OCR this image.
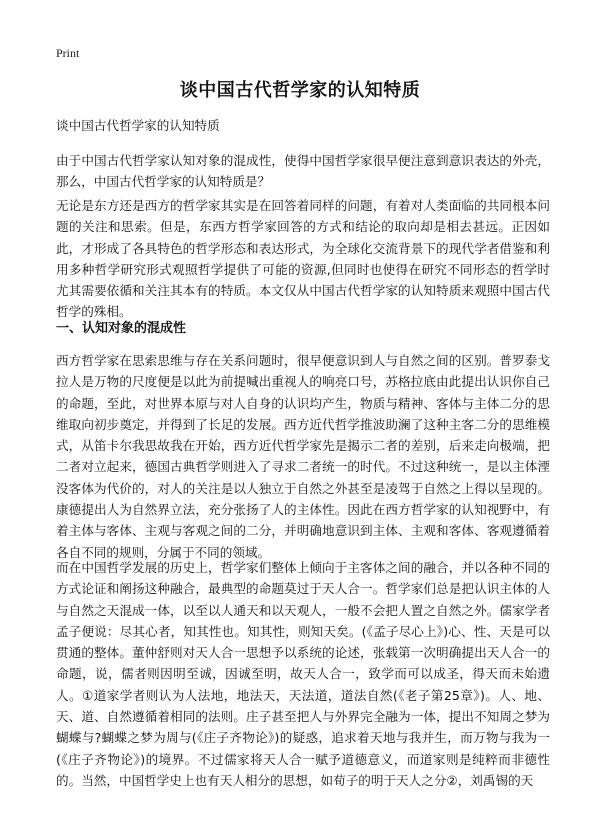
Print
谈中国古代哲学家的认知特质

谈中国古代哲学家的认知特质

由于中国古代哲学家认知对象的混成性，使得中国哲学家很早便注意到意识表达的外壳，那么，中国古代哲学家的认知特质是？

无论是东方还是西方的哲学家其实是在回答着同样的问题，有着对人类面临的共同根本问题的关注和思索。但是，东西方哲学家回答的方式和结论的取向却是相去甚远。正因如此，才形成了各具特色的哲学形态和表达形式，为全球化交流背景下的现代学者借鉴和利用多种哲学研究形式观照哲学提供了可能的资源,但同时也使得在研究不同形态的哲学时尤其需要依循和关注其本有的特质。本文仅从中国古代哲学家的认知特质来观照中国古代哲学的殊相。

一、认知对象的混成性

西方哲学家在思索思维与存在关系问题时，很早便意识到人与自然之间的区别。普罗泰戈拉人是万物的尺度便是以此为前提喊出重视人的响亮口号，苏格拉底由此提出认识你自己的命题，至此，对世界本原与对人自身的认识均产生，物质与精神、客体与主体二分的思维取向初步奠定，并得到了长足的发展。西方近代哲学推波助澜了这种主客二分的思维模式，从笛卡尔我思故我在开始，西方近代哲学家先是揭示二者的差别，后来走向极端，把二者对立起来，德国古典哲学则进入了寻求二者统一的时代。不过这种统一，是以主体湮没客体为代价的，对人的关注是以人独立于自然之外甚至是凌驾于自然之上得以呈现的。康德提出人为自然界立法，充分张扬了人的主体性。因此在西方哲学家的认知视野中，有着主体与客体、主观与客观之间的二分，并明确地意识到主体、主观和客体、客观遵循着各自不同的规则，分属于不同的领域。

而在中国哲学发展的历史上，哲学家们整体上倾向于主客体之间的融合，并以各种不同的方式论证和阐扬这种融合，最典型的命题莫过于天人合一。哲学家们总是把认识主体的人与自然之天混成一体，以至以人通天和以天观人，一般不会把人置之自然之外。儒家学者孟子便说：尽其心者，知其性也。知其性，则知天矣。(《孟子尽心上》)心、性、天是可以贯通的整体。董仲舒则对天人合一思想予以系统的论述，张载第一次明确提出天人合一的命题，说，儒者则因明至诚，因诚至明，故天人合一，致学而可以成圣，得天而未始遗人。①道家学者则认为人法地，地法天，天法道，道法自然(《老子第25章》)。人、地、天、道、自然遵循着相同的法则。庄子甚至把人与外界完全融为一体，提出不知周之梦为蝴蝶与?蝴蝶之梦为周与(《庄子齐物论》)的疑惑，追求着天地与我并生，而万物与我为一(《庄子齐物论》)的境界。不过儒家将天人合一赋予道德意义，而道家则是纯粹而非德性的。当然，中国哲学史上也有天人相分的思想，如荀子的明于天人之分②，刘禹锡的天
